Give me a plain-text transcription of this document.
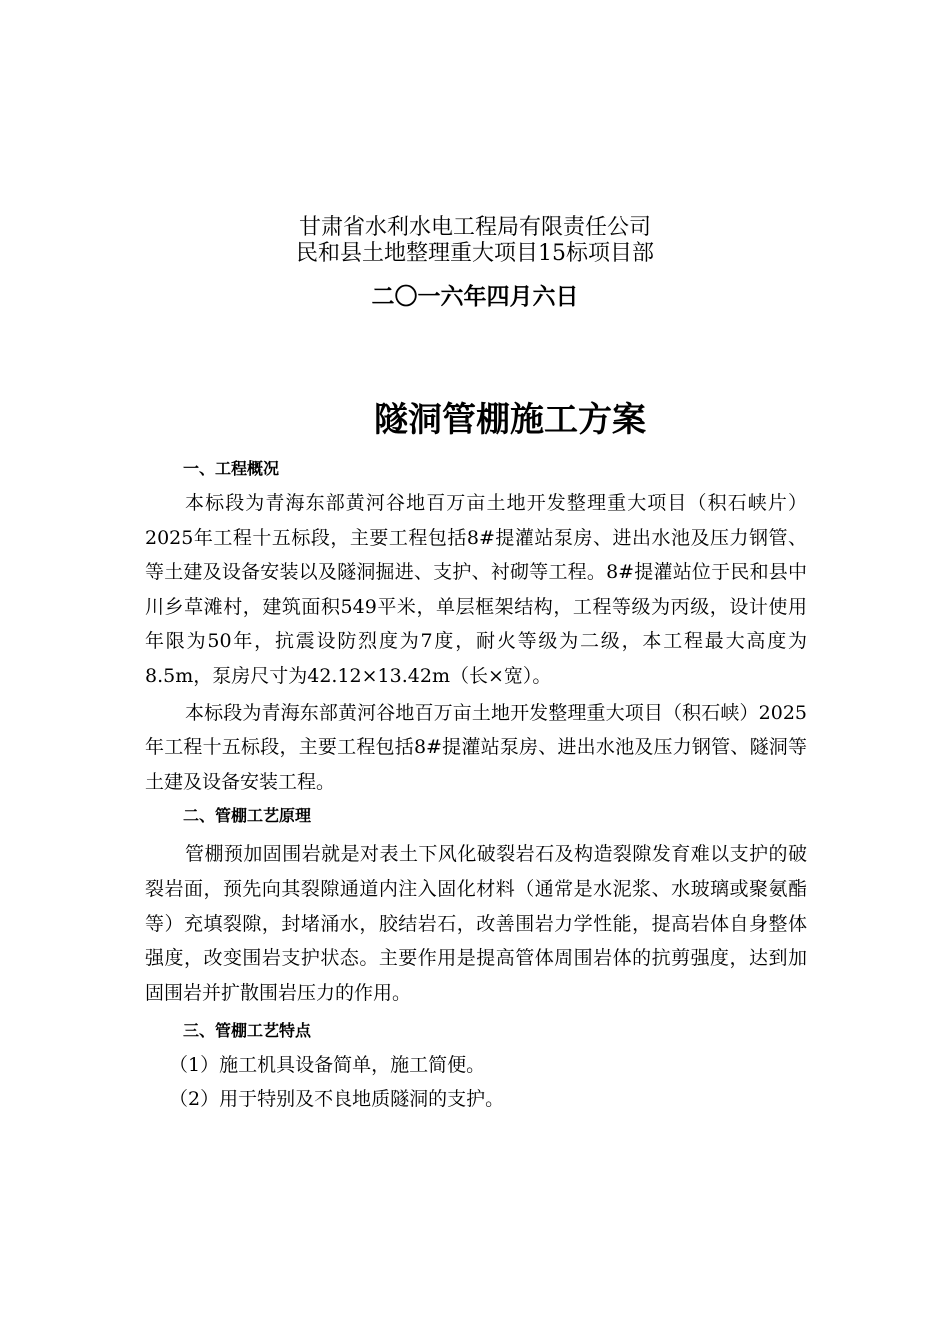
甘肃省水利水电工程局有限责任公司
民和县土地整理重大项目15标项目部
二〇一六年四月六日
隧洞管棚施工方案

一、工程概况

本标段为青海东部黄河谷地百万亩土地开发整理重大项目（积石峡片）2025年工程十五标段，主要工程包括8#提灌站泵房、进出水池及压力钢管、等土建及设备安装以及隧洞掘进、支护、衬砌等工程。8#提灌站位于民和县中川乡草滩村，建筑面积549平米，单层框架结构，工程等级为丙级，设计使用年限为50年，抗震设防烈度为7度，耐火等级为二级，本工程最大高度为8.5m，泵房尺寸为42.12×13.42m（长×宽）。

本标段为青海东部黄河谷地百万亩土地开发整理重大项目（积石峡）2025年工程十五标段，主要工程包括8#提灌站泵房、进出水池及压力钢管、隧洞等土建及设备安装工程。

二、管棚工艺原理

管棚预加固围岩就是对表土下风化破裂岩石及构造裂隙发育难以支护的破裂岩面，预先向其裂隙通道内注入固化材料（通常是水泥浆、水玻璃或聚氨酯等）充填裂隙，封堵涌水，胶结岩石，改善围岩力学性能，提高岩体自身整体强度，改变围岩支护状态。主要作用是提高管体周围岩体的抗剪强度，达到加固围岩并扩散围岩压力的作用。

三、管棚工艺特点

（1）施工机具设备简单，施工简便。

（2）用于特别及不良地质隧洞的支护。
